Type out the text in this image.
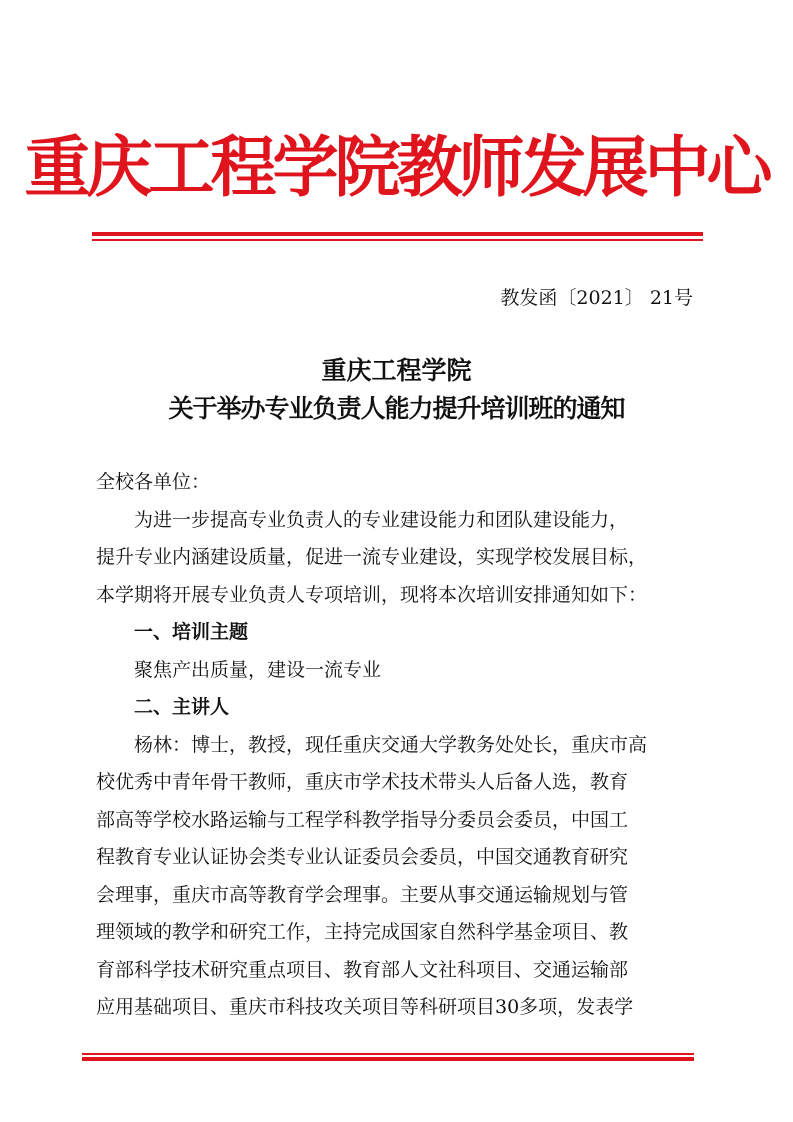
重庆工程学院教师发展中心
教发函〔2021〕 21号
重庆工程学院
关于举办专业负责人能力提升培训班的通知

全校各单位：

为进一步提高专业负责人的专业建设能力和团队建设能力，
提升专业内涵建设质量，促进一流专业建设，实现学校发展目标，
本学期将开展专业负责人专项培训，现将本次培训安排通知如下：

一、培训主题

聚焦产出质量，建设一流专业

二、主讲人

杨林：博士，教授，现任重庆交通大学教务处处长，重庆市高
校优秀中青年骨干教师，重庆市学术技术带头人后备人选，教育
部高等学校水路运输与工程学科教学指导分委员会委员，中国工
程教育专业认证协会类专业认证委员会委员，中国交通教育研究
会理事，重庆市高等教育学会理事。主要从事交通运输规划与管
理领域的教学和研究工作，主持完成国家自然科学基金项目、教
育部科学技术研究重点项目、教育部人文社科项目、交通运输部
应用基础项目、重庆市科技攻关项目等科研项目30多项，发表学
